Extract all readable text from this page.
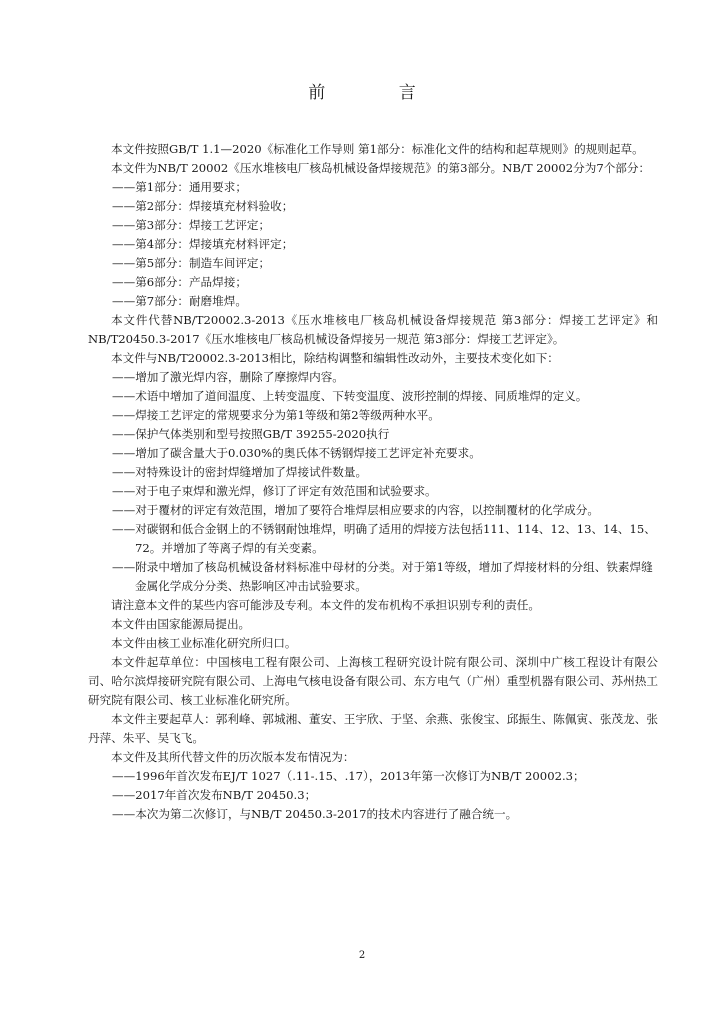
前 言

本文件按照GB/T 1.1—2020《标准化工作导则 第1部分：标准化文件的结构和起草规则》的规则起草。

本文件为NB/T 20002《压水堆核电厂核岛机械设备焊接规范》的第3部分。NB/T 20002分为7个部分：

——第1部分：通用要求；

——第2部分：焊接填充材料验收；

——第3部分：焊接工艺评定；

——第4部分：焊接填充材料评定；

——第5部分：制造车间评定；

——第6部分：产品焊接；

——第7部分：耐磨堆焊。

本文件代替NB/T20002.3-2013《压水堆核电厂核岛机械设备焊接规范 第3部分：焊接工艺评定》和NB/T20450.3-2017《压水堆核电厂核岛机械设备焊接另一规范 第3部分：焊接工艺评定》。

本文件与NB/T20002.3-2013相比，除结构调整和编辑性改动外，主要技术变化如下：

——增加了激光焊内容，删除了摩擦焊内容。

——术语中增加了道间温度、上转变温度、下转变温度、波形控制的焊接、同质堆焊的定义。

——焊接工艺评定的常规要求分为第1等级和第2等级两种水平。

——保护气体类别和型号按照GB/T 39255-2020执行

——增加了碳含量大于0.030%的奥氏体不锈钢焊接工艺评定补充要求。

——对特殊设计的密封焊缝增加了焊接试件数量。

——对于电子束焊和激光焊，修订了评定有效范围和试验要求。

——对于覆材的评定有效范围，增加了要符合堆焊层相应要求的内容，以控制覆材的化学成分。

——对碳钢和低合金钢上的不锈钢耐蚀堆焊，明确了适用的焊接方法包括111、114、12、13、14、15、72。并增加了等离子焊的有关变素。

——附录中增加了核岛机械设备材料标准中母材的分类。对于第1等级，增加了焊接材料的分组、铁素焊缝金属化学成分分类、热影响区冲击试验要求。

请注意本文件的某些内容可能涉及专利。本文件的发布机构不承担识别专利的责任。

本文件由国家能源局提出。

本文件由核工业标准化研究所归口。

本文件起草单位：中国核电工程有限公司、上海核工程研究设计院有限公司、深圳中广核工程设计有限公司、哈尔滨焊接研究院有限公司、上海电气核电设备有限公司、东方电气（广州）重型机器有限公司、苏州热工研究院有限公司、核工业标准化研究所。

本文件主要起草人：郭利峰、郭城湘、董安、王宇欣、于坚、余燕、张俊宝、邱振生、陈佩寅、张茂龙、张丹萍、朱平、吴飞飞。

本文件及其所代替文件的历次版本发布情况为：

——1996年首次发布EJ/T 1027（.11-.15、.17），2013年第一次修订为NB/T 20002.3；

——2017年首次发布NB/T 20450.3；

——本次为第二次修订，与NB/T 20450.3-2017的技术内容进行了融合统一。

2
